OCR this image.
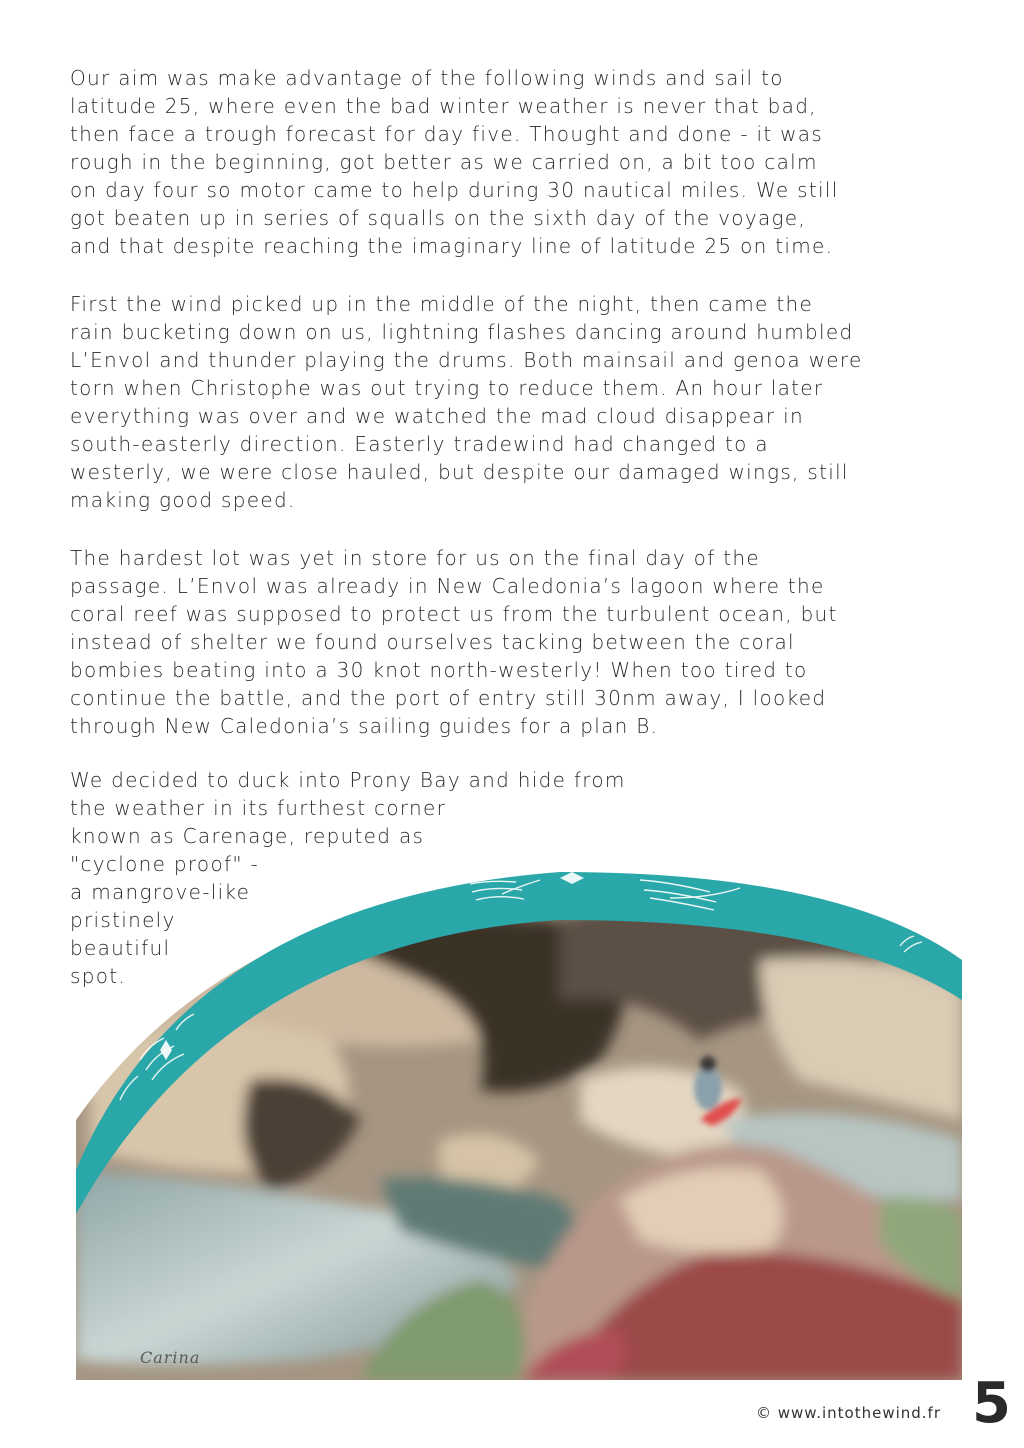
Our aim was make advantage of the following winds and sail to
latitude 25, where even the bad winter weather is never that bad,
then face a trough forecast for day five. Thought and done - it was
rough in the beginning, got better as we carried on, a bit too calm
on day four so motor came to help during 30 nautical miles. We still
got beaten up in series of squalls on the sixth day of the voyage,
and that despite reaching the imaginary line of latitude 25 on time.

First the wind picked up in the middle of the night, then came the
rain bucketing down on us, lightning flashes dancing around humbled
L’Envol and thunder playing the drums. Both mainsail and genoa were
torn when Christophe was out trying to reduce them. An hour later
everything was over and we watched the mad cloud disappear in
south-easterly direction. Easterly tradewind had changed to a
westerly, we were close hauled, but despite our damaged wings, still
making good speed.

The hardest lot was yet in store for us on the final day of the
passage. L’Envol was already in New Caledonia’s lagoon where the
coral reef was supposed to protect us from the turbulent ocean, but
instead of shelter we found ourselves tacking between the coral
bombies beating into a 30 knot north-westerly! When too tired to
continue the battle, and the port of entry still 30nm away, I looked
through New Caledonia’s sailing guides for a plan B.

We decided to duck into Prony Bay and hide from
the weather in its furthest corner
known as Carenage, reputed as
"cyclone proof" -
a mangrove-like
pristinely
beautiful
spot.

Carina
© www.intothewind.fr 5
